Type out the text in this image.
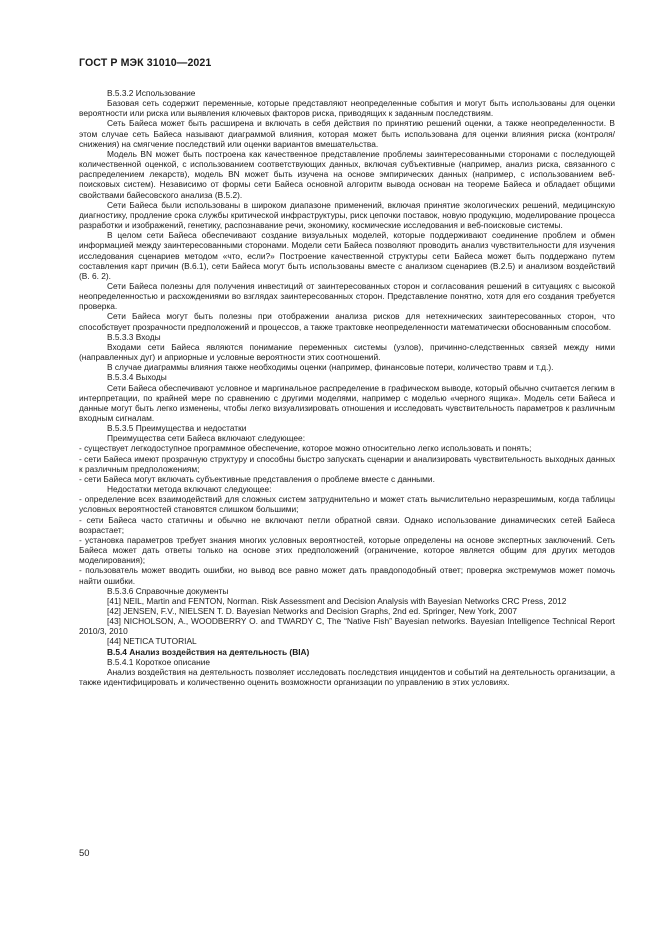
ГОСТ Р МЭК 31010—2021

В.5.3.2 Использование

Базовая сеть содержит переменные, которые представляют неопределенные события и могут быть использованы для оценки вероятности или риска или выявления ключевых факторов риска, приводящих к заданным последствиям.

Сеть Байеса может быть расширена и включать в себя действия по принятию решений оценки, а также неопределенности. В этом случае сеть Байеса называют диаграммой влияния, которая может быть использована для оценки влияния риска (контроля/снижения) на смягчение последствий или оценки вариантов вмешательства.

Модель BN может быть построена как качественное представление проблемы заинтересованными сторонами с последующей количественной оценкой, с использованием соответствующих данных, включая субъективные (например, анализ риска, связанного с распределением лекарств), модель BN может быть изучена на основе эмпирических данных (например, с использованием веб-поисковых систем). Независимо от формы сети Байеса основной алгоритм вывода основан на теореме Байеса и обладает общими свойствами байесовского анализа (В.5.2).

Сети Байеса были использованы в широком диапазоне применений, включая принятие экологических решений, медицинскую диагностику, продление срока службы критической инфраструктуры, риск цепочки поставок, новую продукцию, моделирование процесса разработки и изображений, генетику, распознавание речи, экономику, космические исследования и веб-поисковые системы.

В целом сети Байеса обеспечивают создание визуальных моделей, которые поддерживают соединение проблем и обмен информацией между заинтересованными сторонами. Модели сети Байеса позволяют проводить анализ чувствительности для изучения исследования сценариев методом «что, если?» Построение качественной структуры сети Байеса может быть поддержано путем составления карт причин (В.6.1), сети Байеса могут быть использованы вместе с анализом сценариев (В.2.5) и анализом воздействий (В. 6. 2).

Сети Байеса полезны для получения инвестиций от заинтересованных сторон и согласования решений в ситуациях с высокой неопределенностью и расхождениями во взглядах заинтересованных сторон. Представление понятно, хотя для его создания требуется проверка.

Сети Байеса могут быть полезны при отображении анализа рисков для нетехнических заинтересованных сторон, что способствует прозрачности предположений и процессов, а также трактовке неопределенности математически обоснованным способом.

В.5.3.3 Входы

Входами сети Байеса являются понимание переменных системы (узлов), причинно-следственных связей между ними (направленных дуг) и априорные и условные вероятности этих соотношений.

В случае диаграммы влияния также необходимы оценки (например, финансовые потери, количество травм и т.д.).

В.5.3.4 Выходы

Сети Байеса обеспечивают условное и маргинальное распределение в графическом выводе, который обычно считается легким в интерпретации, по крайней мере по сравнению с другими моделями, например с моделью «черного ящика». Модель сети Байеса и данные могут быть легко изменены, чтобы легко визуализировать отношения и исследовать чувствительность параметров к различным входным сигналам.

В.5.3.5 Преимущества и недостатки

Преимущества сети Байеса включают следующее:

- существует легкодоступное программное обеспечение, которое можно относительно легко использовать и понять;

- сети Байеса имеют прозрачную структуру и способны быстро запускать сценарии и анализировать чувствительность выходных данных к различным предположениям;

- сети Байеса могут включать субъективные представления о проблеме вместе с данными.

Недостатки метода включают следующее:

- определение всех взаимодействий для сложных систем затруднительно и может стать вычислительно неразрешимым, когда таблицы условных вероятностей становятся слишком большими;

- сети Байеса часто статичны и обычно не включают петли обратной связи. Однако использование динамических сетей Байеса возрастает;

- установка параметров требует знания многих условных вероятностей, которые определены на основе экспертных заключений. Сеть Байеса может дать ответы только на основе этих предположений (ограничение, которое является общим для других методов моделирования);

- пользователь может вводить ошибки, но вывод все равно может дать правдоподобный ответ; проверка экстремумов может помочь найти ошибки.

В.5.3.6 Справочные документы

[41] NEIL, Martin and FENTON, Norman. Risk Assessment and Decision Analysis with Bayesian Networks CRC Press, 2012

[42] JENSEN, F.V., NIELSEN T. D. Bayesian Networks and Decision Graphs, 2nd ed. Springer, New York, 2007

[43] NICHOLSON, A., WOODBERRY O. and TWARDY C, The “Native Fish” Bayesian networks. Bayesian Intelligence Technical Report 2010/3, 2010

[44] NETICA TUTORIAL

В.5.4 Анализ воздействия на деятельность (BIA)

В.5.4.1 Короткое описание

Анализ воздействия на деятельность позволяет исследовать последствия инцидентов и событий на деятельность организации, а также идентифицировать и количественно оценить возможности организации по управлению в этих условиях.

50
